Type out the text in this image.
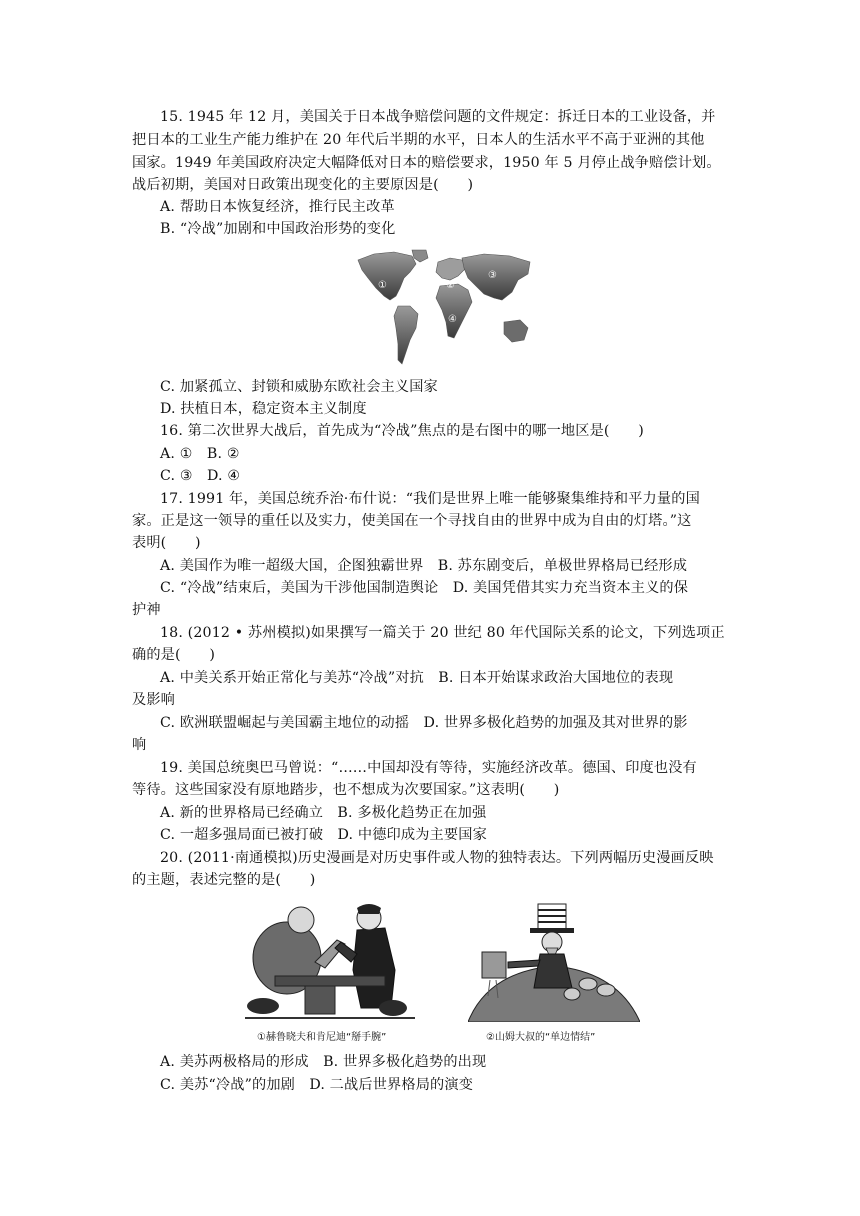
15. 1945 年 12 月，美国关于日本战争赔偿问题的文件规定：拆迁日本的工业设备，并
把日本的工业生产能力维护在 20 年代后半期的水平，日本人的生活水平不高于亚洲的其他
国家。1949 年美国政府决定大幅降低对日本的赔偿要求，1950 年 5 月停止战争赔偿计划。
战后初期，美国对日政策出现变化的主要原因是(　　)
A. 帮助日本恢复经济，推行民主改革
B. “冷战”加剧和中国政治形势的变化
①	②
③
④
C. 加紧孤立、封锁和威胁东欧社会主义国家
D. 扶植日本，稳定资本主义制度
16. 第二次世界大战后，首先成为“冷战”焦点的是右图中的哪一地区是(　　)
A. ①　B. ②
C. ③　D. ④
17. 1991 年，美国总统乔治·布什说：“我们是世界上唯一能够聚集维持和平力量的国
家。正是这一领导的重任以及实力，使美国在一个寻找自由的世界中成为自由的灯塔。”这
表明(　　)
A. 美国作为唯一超级大国，企图独霸世界　B. 苏东剧变后，单极世界格局已经形成
C. “冷战”结束后，美国为干涉他国制造舆论　D. 美国凭借其实力充当资本主义的保
护神
18. (2012 • 苏州模拟)如果撰写一篇关于 20 世纪 80 年代国际关系的论文，下列选项正
确的是(　　)
A. 中美关系开始正常化与美苏“冷战”对抗　B. 日本开始谋求政治大国地位的表现
及影响
C. 欧洲联盟崛起与美国霸主地位的动摇　D. 世界多极化趋势的加强及其对世界的影
响
19. 美国总统奥巴马曾说：“……中国却没有等待，实施经济改革。德国、印度也没有
等待。这些国家没有原地踏步，也不想成为次要国家。”这表明(　　)
A. 新的世界格局已经确立　B. 多极化趋势正在加强
C. 一超多强局面已被打破　D. 中德印成为主要国家
20. (2011·南通模拟)历史漫画是对历史事件或人物的独特表达。下列两幅历史漫画反映
的主题，表述完整的是(　　)
①赫鲁晓夫和肯尼迪“掰手腕”	②山姆大叔的“单边情结”
A. 美苏两极格局的形成　B. 世界多极化趋势的出现
C. 美苏“冷战”的加剧　D. 二战后世界格局的演变
